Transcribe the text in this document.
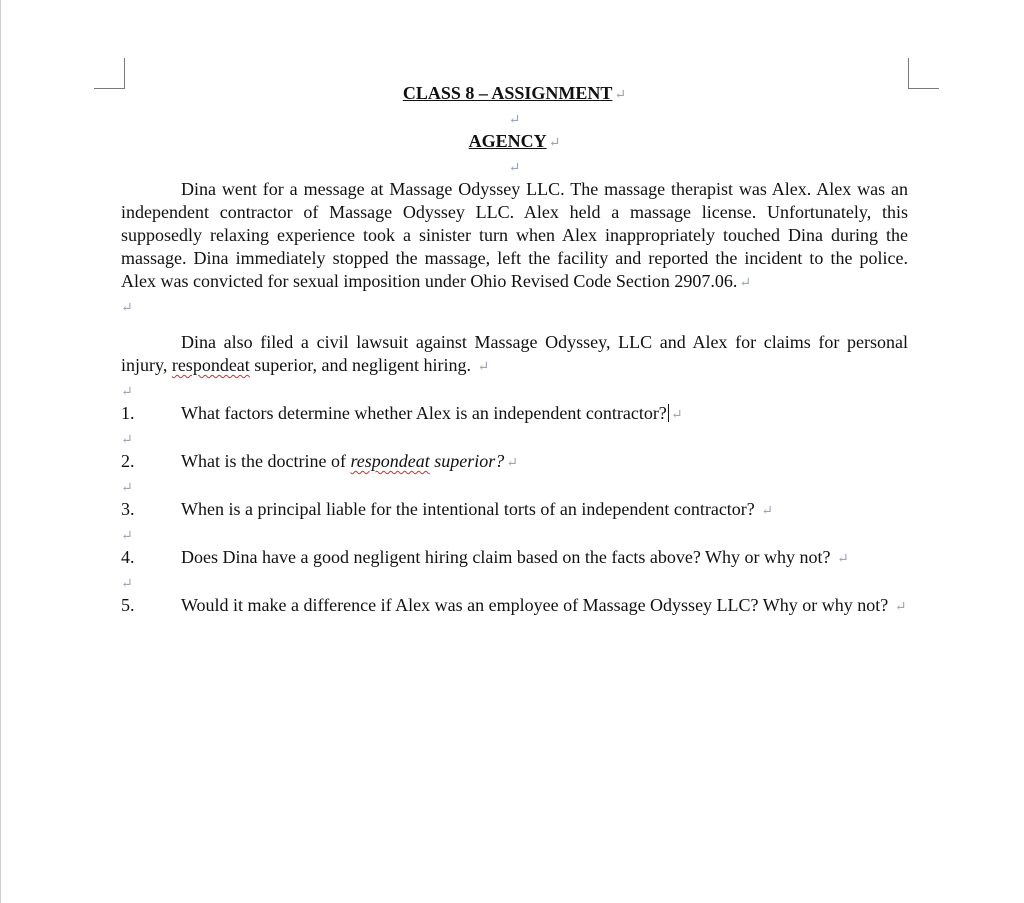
CLASS 8 – ASSIGNMENT ↵
↵
AGENCY ↵
↵
Dina went for a message at Massage Odyssey LLC. The massage therapist was Alex. Alex was an independent contractor of Massage Odyssey LLC. Alex held a massage license. Unfortunately, this supposedly relaxing experience took a sinister turn when Alex inappropriately touched Dina during the massage. Dina immediately stopped the massage, left the facility and reported the incident to the police. Alex was convicted for sexual imposition under Ohio Revised Code Section 2907.06. ↵
↵
Dina also filed a civil lawsuit against Massage Odyssey, LLC and Alex for claims for personal injury, respondeat superior, and negligent hiring. ↵
↵
1.	What factors determine whether Alex is an independent contractor? ↵
↵
2.	What is the doctrine of respondeat superior? ↵
↵
3.	When is a principal liable for the intentional torts of an independent contractor? ↵
↵
4.	Does Dina have a good negligent hiring claim based on the facts above? Why or why not? ↵
↵
5.	Would it make a difference if Alex was an employee of Massage Odyssey LLC? Why or why not? ↵
